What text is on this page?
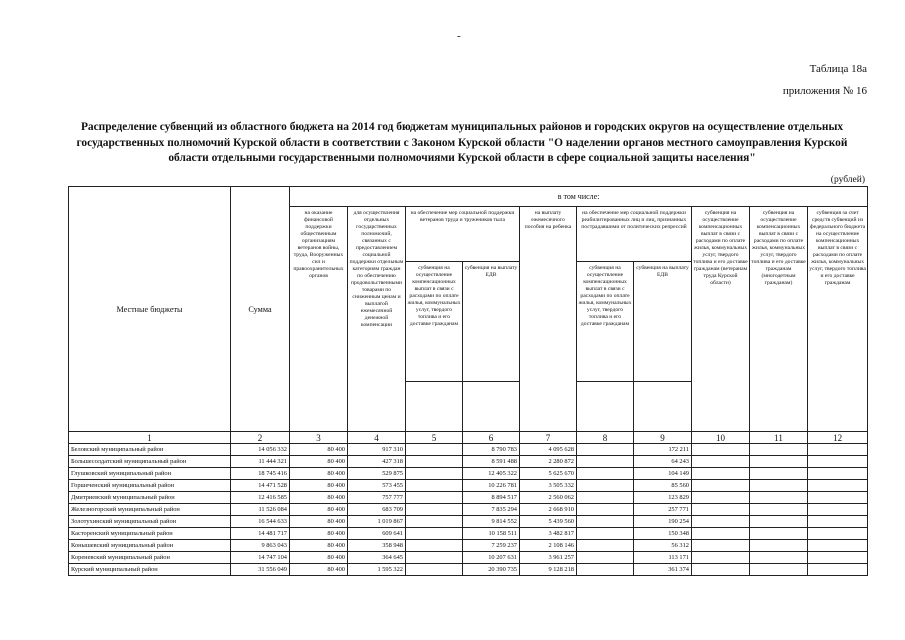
-
Таблица 18а
приложения № 16
Распределение субвенций из областного бюджета на 2014 год бюджетам муниципальных районов и городских округов на осуществление отдельных государственных полномочий Курской области в соответствии с Законом Курской области "О наделении органов местного самоуправления Курской области отдельными государственными полномочиями Курской области в сфере социальной защиты населения"
(рублей)
Местные бюджеты	Сумма	в том числе:									
		на оказание финансовой поддержки общественным организациям ветеранов войны, труда, Вооруженных сил и правоохранительных органов	для осуществления отдельных государственных полномочий, связанных с предоставлением социальной поддержки отдельным категориям граждан по обеспечению продовольственными товарами по сниженным ценам и выплатой ежемесячной денежной компенсации	на обеспечение мер социальной поддержки ветеранов труда и тружеников тыла		на выплату ежемесячного пособия на ребенка	на обеспечение мер социальной поддержки реабилитированных лиц и лиц, признанных пострадавшими от политических репрессий		субвенция на осуществление компенсационных выплат в связи с расходами по оплате жилья, коммунальных услуг, твердого топлива и его доставке гражданам (ветеранам труда Курской области)	субвенция на осуществление компенсационных выплат в связи с расходами по оплате жилья, коммунальных услуг, твердого топлива и его доставке гражданам (многодетным гражданам)	субвенция за счет средств субвенций из федерального бюджета на осуществление компенсационных выплат в связи с расходами по оплате жилья, коммунальных услуг, твердого топлива и его доставке гражданам
				субвенция на осуществление компенсационных выплат в связи с расходами по оплате жилья, коммунальных услуг, твердого топлива и его доставке гражданам	субвенция на выплату ЕДВ		субвенция на осуществление компенсационных выплат в связи с расходами по оплате жилья, коммунальных услуг, твердого топлива и его доставке гражданам	субвенция на выплату ЕДВ			

1	2	3	4	5	6	7	8	9	10	11	12
Беловский муниципальный район	14 056 332	80 400	917 310		8 790 783	4 095 628		172 211			
Большесолдатский муниципальный район	11 444 321	80 400	427 318		8 591 488	2 280 872		64 243			
Глушковский муниципальный район	18 745 416	80 400	529 875		12 405 322	5 625 670		104 149			
Горшеченский муниципальный район	14 471 528	80 400	573 455		10 226 781	3 505 332		85 560			
Дмитриевский муниципальный район	12 416 585	80 400	757 777		8 894 517	2 560 062		123 829			
Железногорский муниципальный район	11 526 084	80 400	683 709		7 835 294	2 668 910		257 771			
Золотухинский муниципальный район	16 544 633	80 400	1 019 867		9 814 552	5 439 560		190 254			
Касторенский муниципальный район	14 481 717	80 400	609 641		10 158 511	3 482 817		150 348			
Конышевский муниципальный район	9 863 043	80 400	358 948		7 259 237	2 108 146		56 312			
Кореневский муниципальный район	14 747 104	80 400	364 645		10 207 631	3 961 257		113 171			
Курский муниципальный район	31 556 049	80 400	1 595 322		20 390 735	9 128 218		361 374			
